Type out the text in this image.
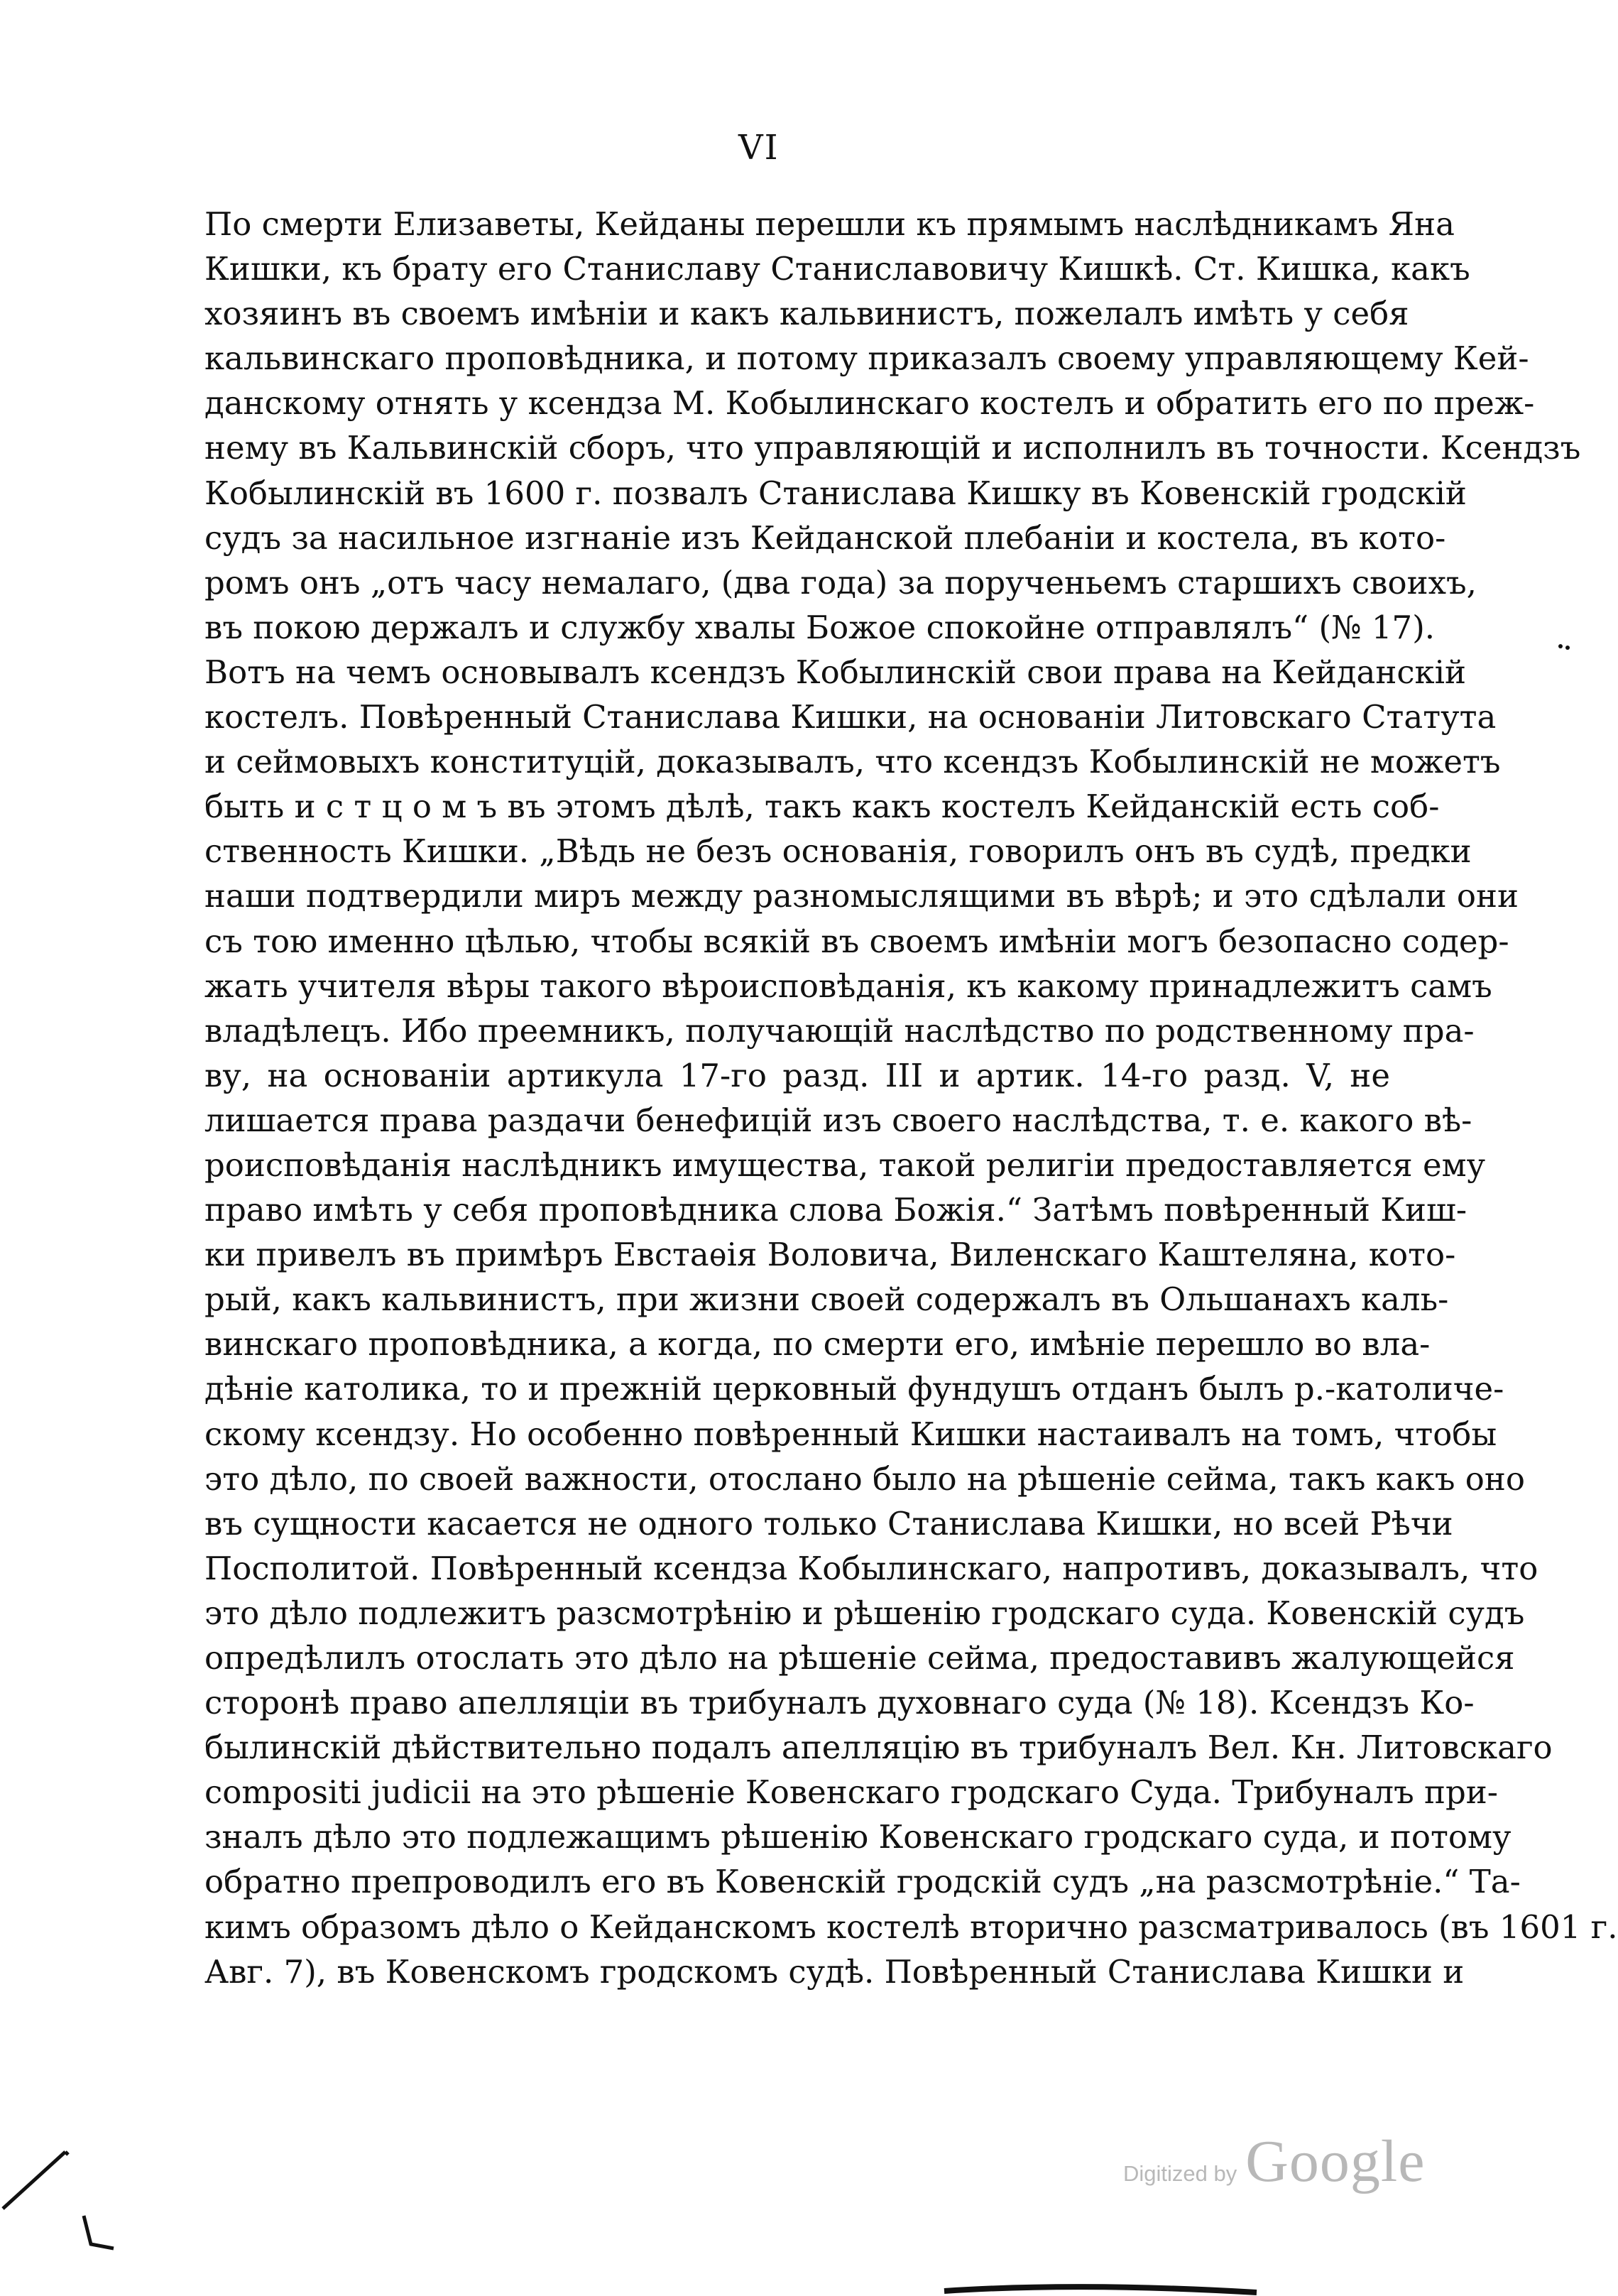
VI
По смерти Елизаветы, Кейданы перешли къ прямымъ наслѣдникамъ Яна
Кишки, къ брату его Станиславу Станиславовичу Кишкѣ. Ст. Кишка, какъ
хозяинъ въ своемъ имѣніи и какъ кальвинистъ, пожелалъ имѣть у себя
кальвинскаго проповѣдника, и потому приказалъ своему управляющему Кей-
данскому отнять у ксендза М. Кобылинскаго костелъ и обратить его по преж-
нему въ Кальвинскій сборъ, что управляющій и исполнилъ въ точности. Ксендзъ
Кобылинскій въ 1600 г. позвалъ Станислава Кишку въ Ковенскій гродскій
судъ за насильное изгнаніе изъ Кейданской плебаніи и костела, въ кото-
ромъ онъ „отъ часу немалаго, (два года) за порученьемъ старшихъ своихъ,
въ покою держалъ и службу хвалы Божое спокойне отправлялъ“ (№ 17).
Вотъ на чемъ основывалъ ксендзъ Кобылинскій свои права на Кейданскій
костелъ. Повѣренный Станислава Кишки, на основаніи Литовскаго Статута
и сеймовыхъ конституцій, доказывалъ, что ксендзъ Кобылинскій не можетъ
быть и с т ц о м ъ въ этомъ дѣлѣ, такъ какъ костелъ Кейданскій есть соб-
ственность Кишки. „Вѣдь не безъ основанія, говорилъ онъ въ судѣ, предки
наши подтвердили миръ между разномыслящими въ вѣрѣ; и это сдѣлали они
съ тою именно цѣлью, чтобы всякій въ своемъ имѣніи могъ безопасно содер-
жать учителя вѣры такого вѣроисповѣданія, къ какому принадлежитъ самъ
владѣлецъ. Ибо преемникъ, получающій наслѣдство по родственному пра-
ву, на основаніи артикула 17-го разд. III и артик. 14-го разд. V, не
лишается права раздачи бенефицій изъ своего наслѣдства, т. е. какого вѣ-
роисповѣданія наслѣдникъ имущества, такой религіи предоставляется ему
право имѣть у себя проповѣдника слова Божія.“ Затѣмъ повѣренный Киш-
ки привелъ въ примѣръ Евстаѳія Воловича, Виленскаго Каштеляна, кото-
рый, какъ кальвинистъ, при жизни своей содержалъ въ Ольшанахъ каль-
винскаго проповѣдника, а когда, по смерти его, имѣніе перешло во вла-
дѣніе католика, то и прежній церковный фундушъ отданъ былъ р.-католиче-
скому ксендзу. Но особенно повѣренный Кишки настаивалъ на томъ, чтобы
это дѣло, по своей важности, отослано было на рѣшеніе сейма, такъ какъ оно
въ сущности касается не одного только Станислава Кишки, но всей Рѣчи
Посполитой. Повѣренный ксендза Кобылинскаго, напротивъ, доказывалъ, что
это дѣло подлежитъ разсмотрѣнію и рѣшенію гродскаго суда. Ковенскій судъ
опредѣлилъ отослать это дѣло на рѣшеніе сейма, предоставивъ жалующейся
сторонѣ право апелляціи въ трибуналъ духовнаго суда (№ 18). Ксендзъ Ко-
былинскій дѣйствительно подалъ апелляцію въ трибуналъ Вел. Кн. Литовскаго
compositi judicii на это рѣшеніе Ковенскаго гродскаго Суда. Трибуналъ при-
зналъ дѣло это подлежащимъ рѣшенію Ковенскаго гродскаго суда, и потому
обратно препроводилъ его въ Ковенскій гродскій судъ „на разсмотрѣніе.“ Та-
кимъ образомъ дѣло о Кейданскомъ костелѣ вторично разсматривалось (въ 1601 г.
Авг. 7), въ Ковенскомъ гродскомъ судѣ. Повѣренный Станислава Кишки и
Digitized by Google
